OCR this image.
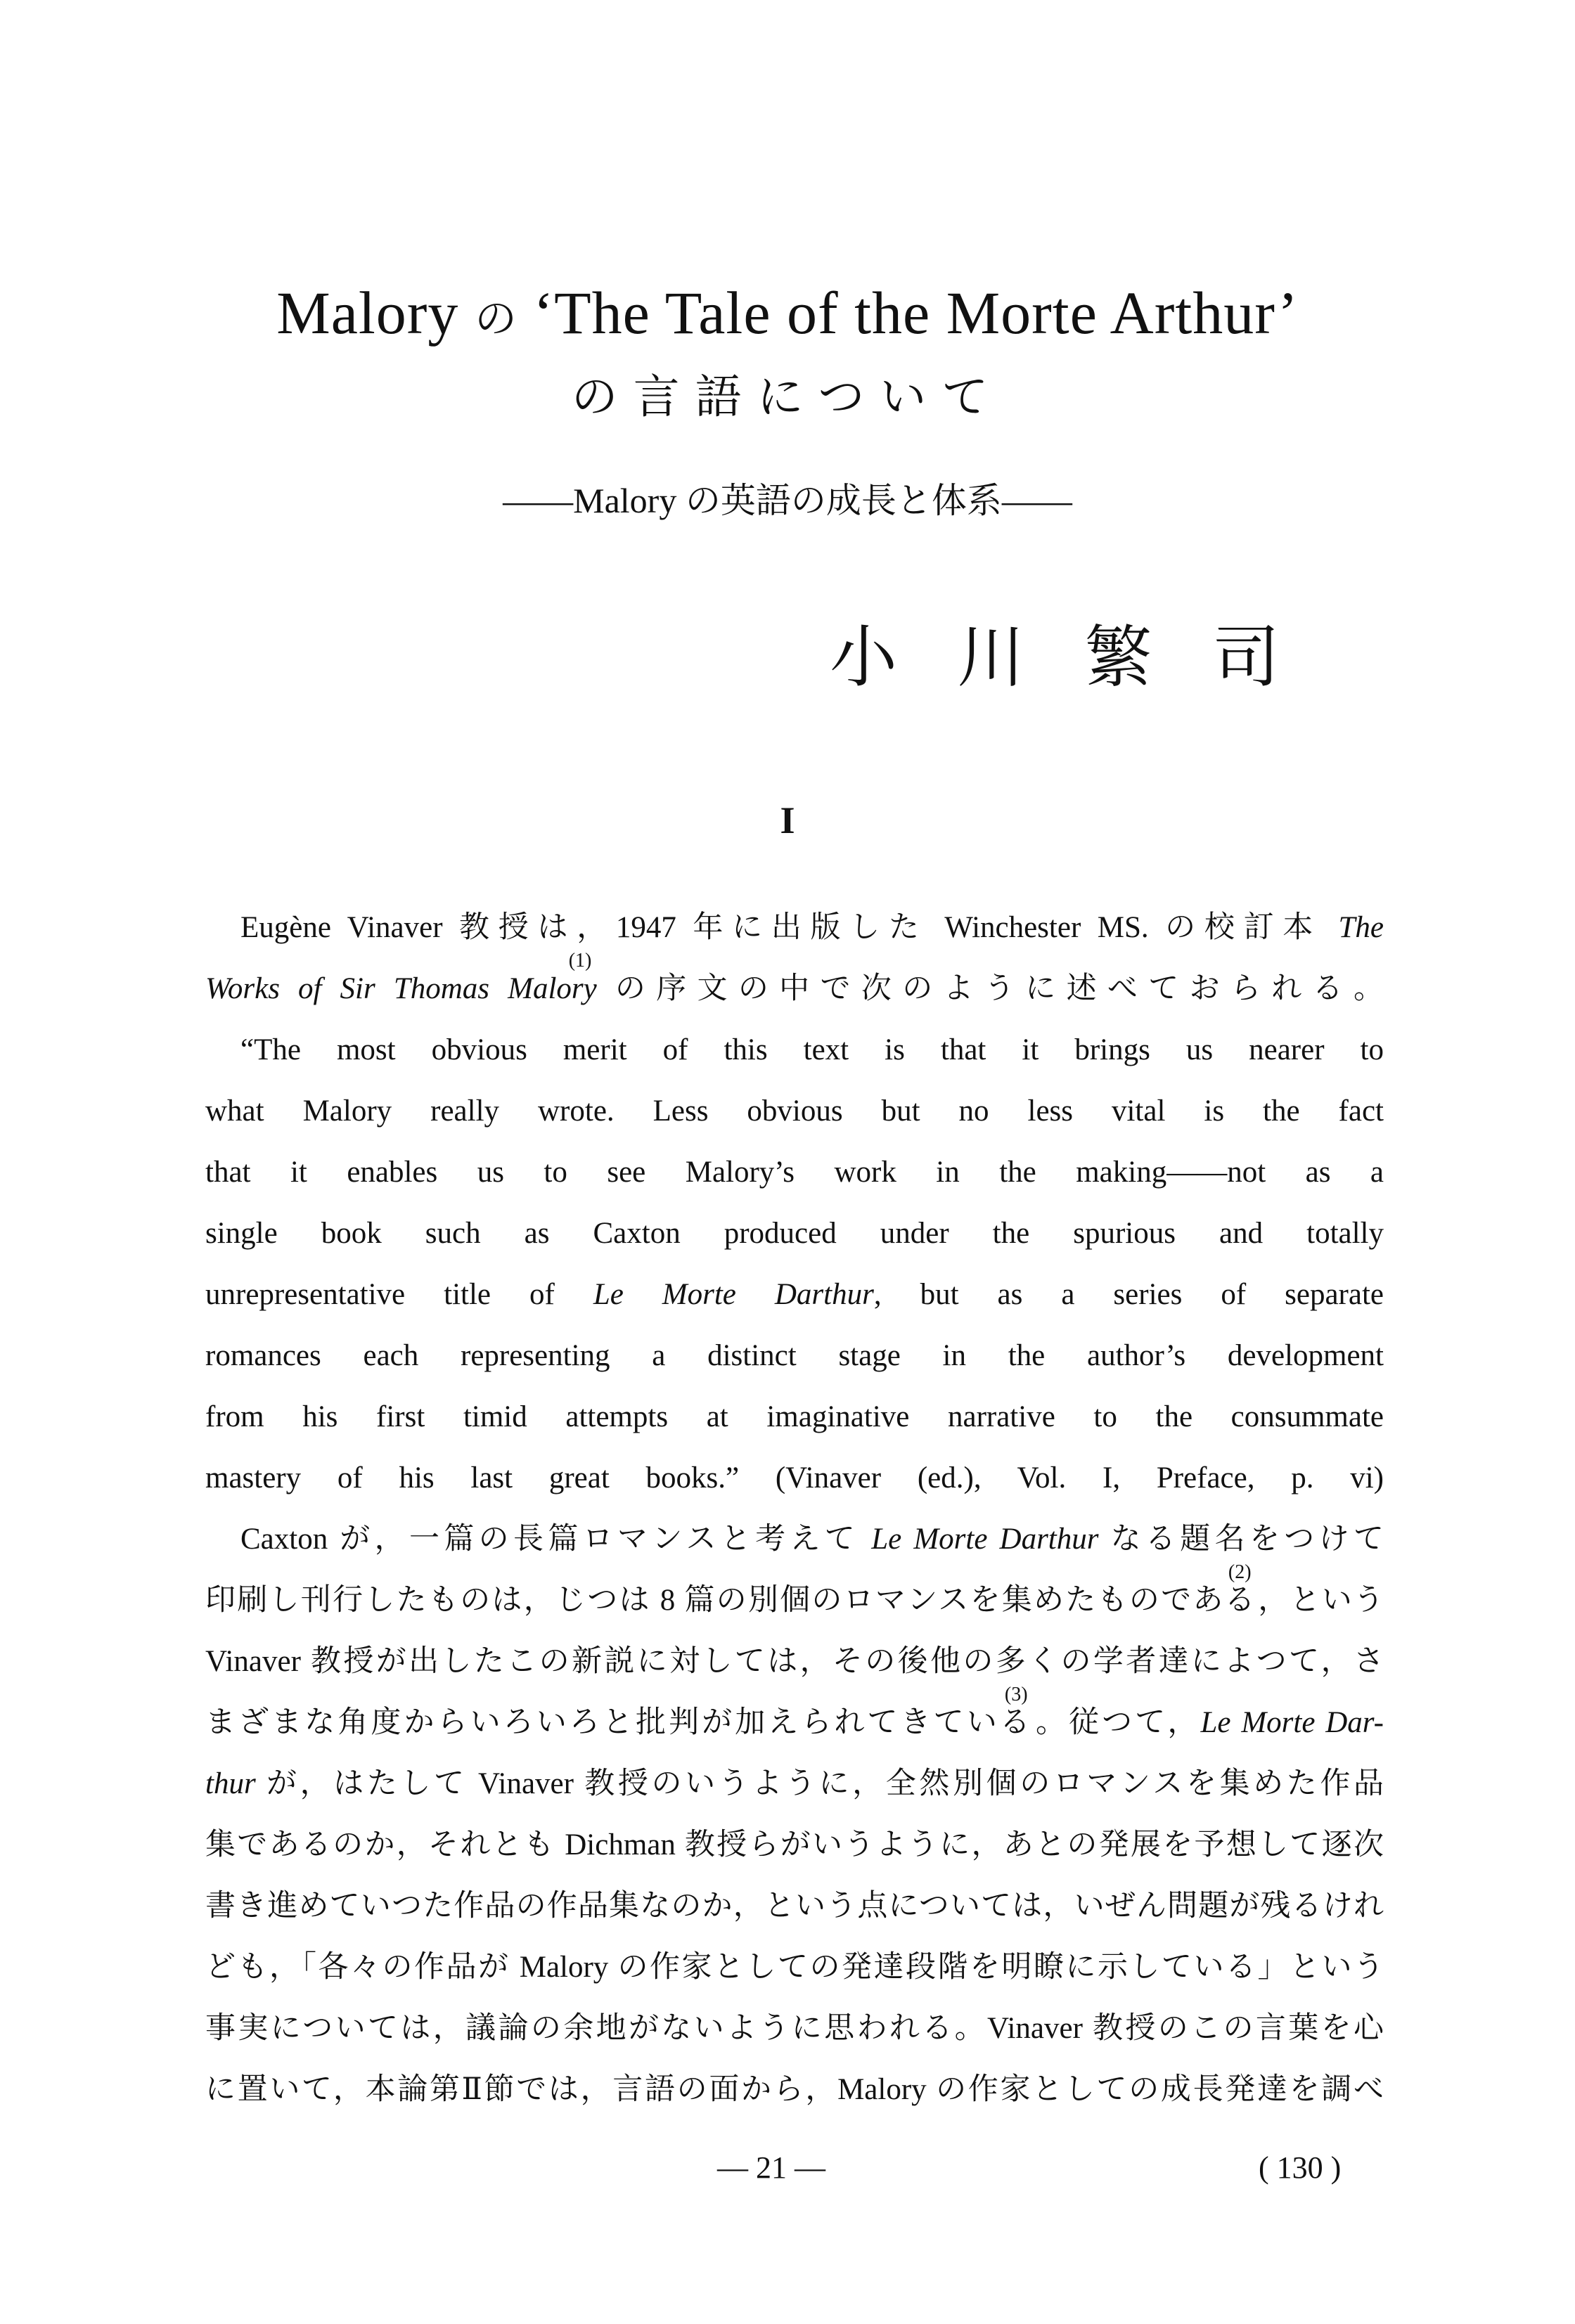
Malory の ‘The Tale of the Morte Arthur’
の言語について
——Malory の英語の成長と体系——
小 川 繁 司
I
Eugène Vinaver 教授は，1947 年に出版した Winchester MS. の校訂本 The
Works of Sir Thomas Malory
(1)
の序文の中で次のように述べておられる。
“The most obvious merit of this text is that it brings us nearer to
what Malory really wrote. Less obvious but no less vital is the fact
that it enables us to see Malory’s work in the making——not as a
single book such as Caxton produced under the spurious and totally
unrepresentative title of Le Morte Darthur, but as a series of separate
romances each representing a distinct stage in the author’s development
from his first timid attempts at imaginative narrative to the consummate
mastery of his last great books.” (Vinaver (ed.), Vol. I, Preface, p. vi)
Caxton が，一篇の長篇ロマンスと考えて Le Morte Darthur なる題名をつけて
印刷し刊行したものは，じつは 8 篇の別個のロマンスを集めたものである
(2)
，という
Vinaver 教授が出したこの新説に対しては，その後他の多くの学者達によつて，さ
まざまな角度からいろいろと批判が加えられてきている
(3)
。従つて，Le Morte Dar-
thur が，はたして Vinaver 教授のいうように，全然別個のロマンスを集めた作品
集であるのか，それとも Dichman 教授らがいうように，あとの発展を予想して逐次
書き進めていつた作品の作品集なのか，という点については，いぜん問題が残るけれ
ども，「各々の作品が Malory の作家としての発達段階を明瞭に示している」という
事実については，議論の余地がないように思われる。Vinaver 教授のこの言葉を心
に置いて，本論第Ⅱ節では，言語の面から，Malory の作家としての成長発達を調べ
— 21 —	( 130 )
